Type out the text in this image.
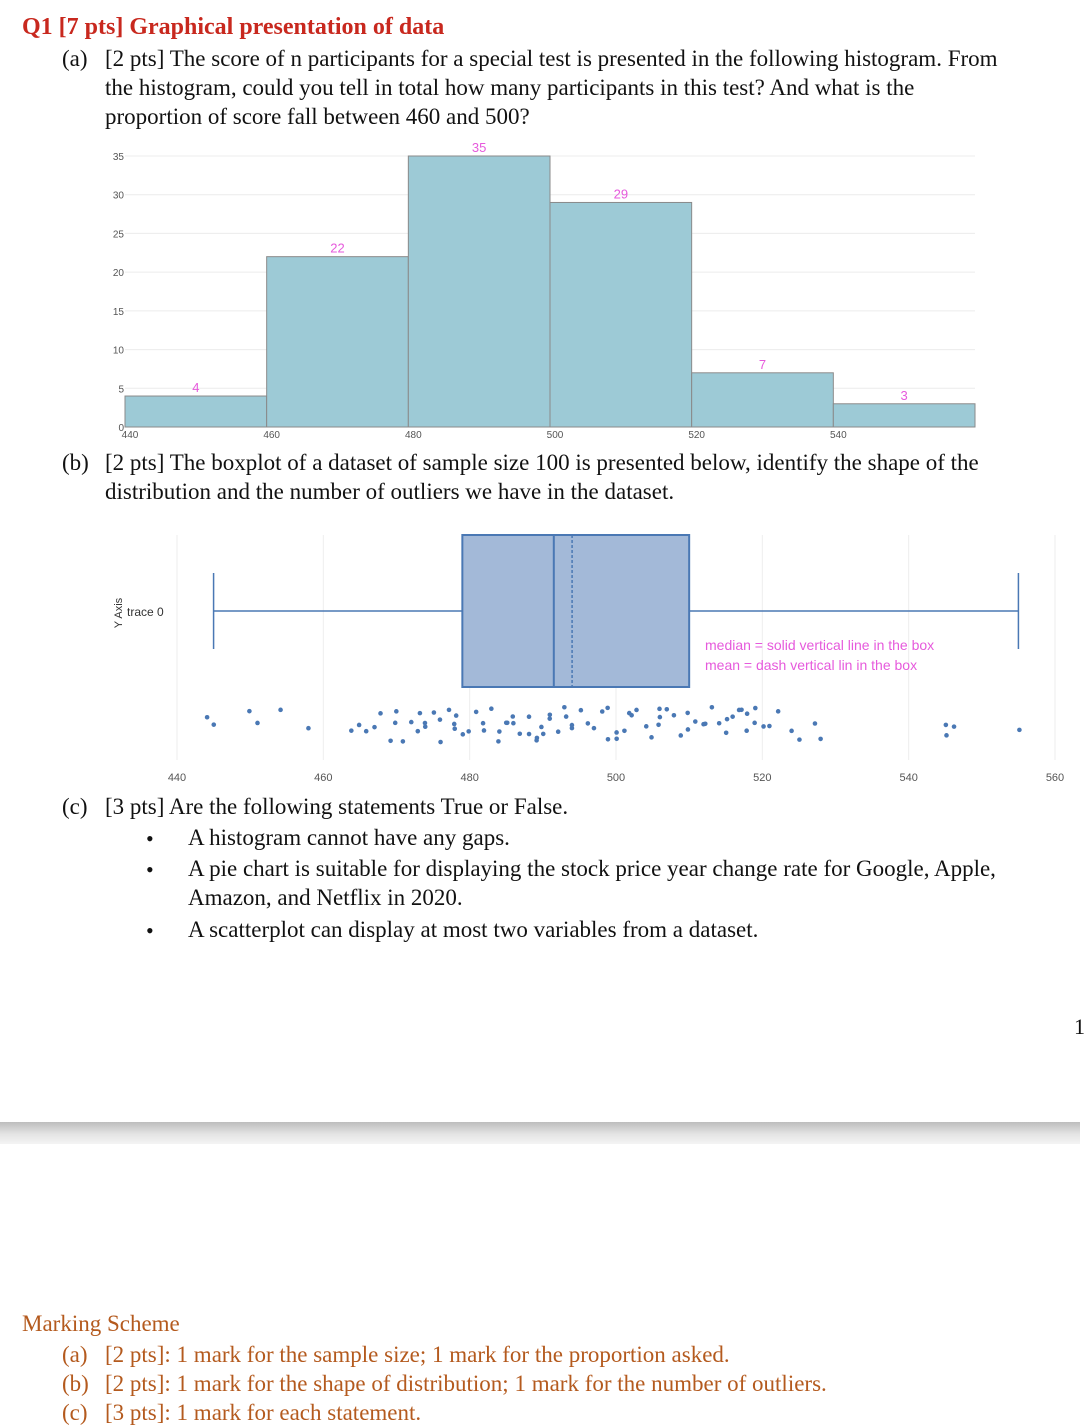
Q1 [7 pts] Graphical presentation of data
(a) [2 pts] The score of n participants for a special test is presented in the following histogram. From
the histogram, could you tell in total how many participants in this test? And what is the
proportion of score fall between 460 and 500?
0
5
10
15
20
25
30
35
4
22
35
29
7
3
440	460	480	500	520	540
(b) [2 pts] The boxplot of a dataset of sample size 100 is presented below, identify the shape of the
distribution and the number of outliers we have in the dataset.
440	460	480	500	520	540	560
Y Axis trace 0
median = solid vertical line in the box
mean = dash vertical lin in the box
(c) [3 pts] Are the following statements True or False.
• A histogram cannot have any gaps.
• A pie chart is suitable for displaying the stock price year change rate for Google, Apple,
Amazon, and Netflix in 2020.
• A scatterplot can display at most two variables from a dataset.
1
Marking Scheme
(a) [2 pts]: 1 mark for the sample size; 1 mark for the proportion asked.
(b) [2 pts]: 1 mark for the shape of distribution; 1 mark for the number of outliers.
(c) [3 pts]: 1 mark for each statement.
